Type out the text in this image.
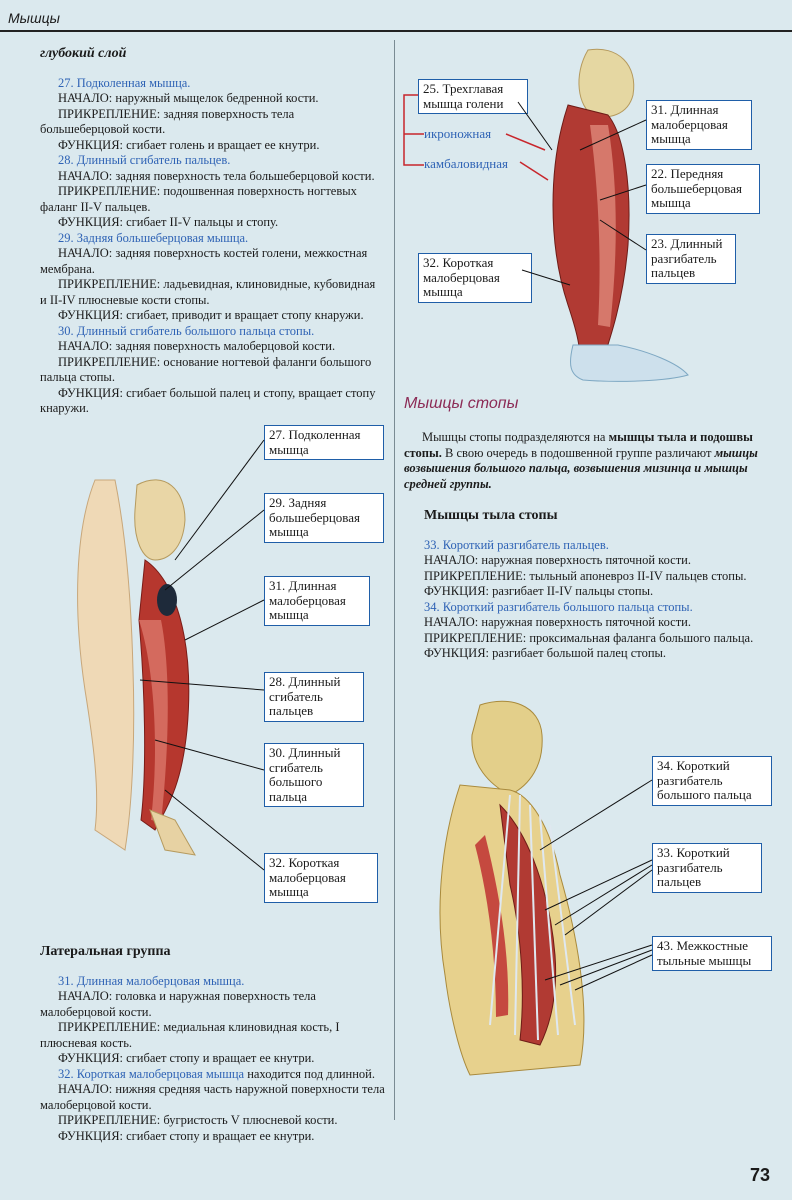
Мышцы

глубокий слой

27. Подколенная мышца.

НАЧАЛО: наружный мыщелок бедренной кости.

ПРИКРЕПЛЕНИЕ: задняя поверхность тела большеберцовой кости.

ФУНКЦИЯ: сгибает голень и вращает ее кнутри.

28. Длинный сгибатель пальцев.

НАЧАЛО: задняя поверхность тела большеберцовой кости.

ПРИКРЕПЛЕНИЕ: подошвенная поверхность ногтевых фаланг II-V пальцев.

ФУНКЦИЯ: сгибает II-V пальцы и стопу.

29. Задняя большеберцовая мышца.

НАЧАЛО: задняя поверхность костей голени, межкостная мембрана.

ПРИКРЕПЛЕНИЕ: ладьевидная, клиновидные, кубовидная и II-IV плюсневые кости стопы.

ФУНКЦИЯ: сгибает, приводит и вращает стопу кнаружи.

30. Длинный сгибатель большого пальца стопы.

НАЧАЛО: задняя поверхность малоберцовой кости.

ПРИКРЕПЛЕНИЕ: основание ногтевой фаланги большого пальца стопы.

ФУНКЦИЯ: сгибает большой палец и стопу, вращает стопу кнаружи.

27. Подколенная мышца
29. Задняя большеберцовая мышца
31. Длинная малоберцовая мышца
28. Длинный сгибатель пальцев
30. Длинный сгибатель большого пальца
32. Короткая малоберцовая мышца

Латеральная группа

31. Длинная малоберцовая мышца.

НАЧАЛО: головка и наружная поверхность тела малоберцовой кости.

ПРИКРЕПЛЕНИЕ: медиальная клиновидная кость, I плюсневая кость.

ФУНКЦИЯ: сгибает стопу и вращает ее кнутри.

32. Короткая малоберцовая мышца находится под длинной.

НАЧАЛО: нижняя средняя часть наружной поверхности тела малоберцовой кости.

ПРИКРЕПЛЕНИЕ: бугристость V плюсневой кости.

ФУНКЦИЯ: сгибает стопу и вращает ее кнутри.

25. Трехглавая мышца голени
икроножная
камбаловидная
31. Длинная малоберцовая мышца
22. Передняя большеберцовая мышца
23. Длинный разгибатель пальцев
32. Короткая малоберцовая мышца
Мышцы стопы

Мышцы стопы подразделяются на мышцы тыла и подошвы стопы. В свою очередь в подошвенной группе различают мышцы возвышения большого пальца, возвышения мизинца и мышцы средней группы.

Мышцы тыла стопы

33. Короткий разгибатель пальцев.

НАЧАЛО: наружная поверхность пяточной кости.

ПРИКРЕПЛЕНИЕ: тыльный апоневроз II-IV пальцев стопы.

ФУНКЦИЯ: разгибает II-IV пальцы стопы.

34. Короткий разгибатель большого пальца стопы.

НАЧАЛО: наружная поверхность пяточной кости.

ПРИКРЕПЛЕНИЕ: проксимальная фаланга большого пальца.

ФУНКЦИЯ: разгибает большой палец стопы.

34. Короткий разгибатель большого пальца
33. Короткий разгибатель пальцев
43. Межкостные тыльные мышцы
73
